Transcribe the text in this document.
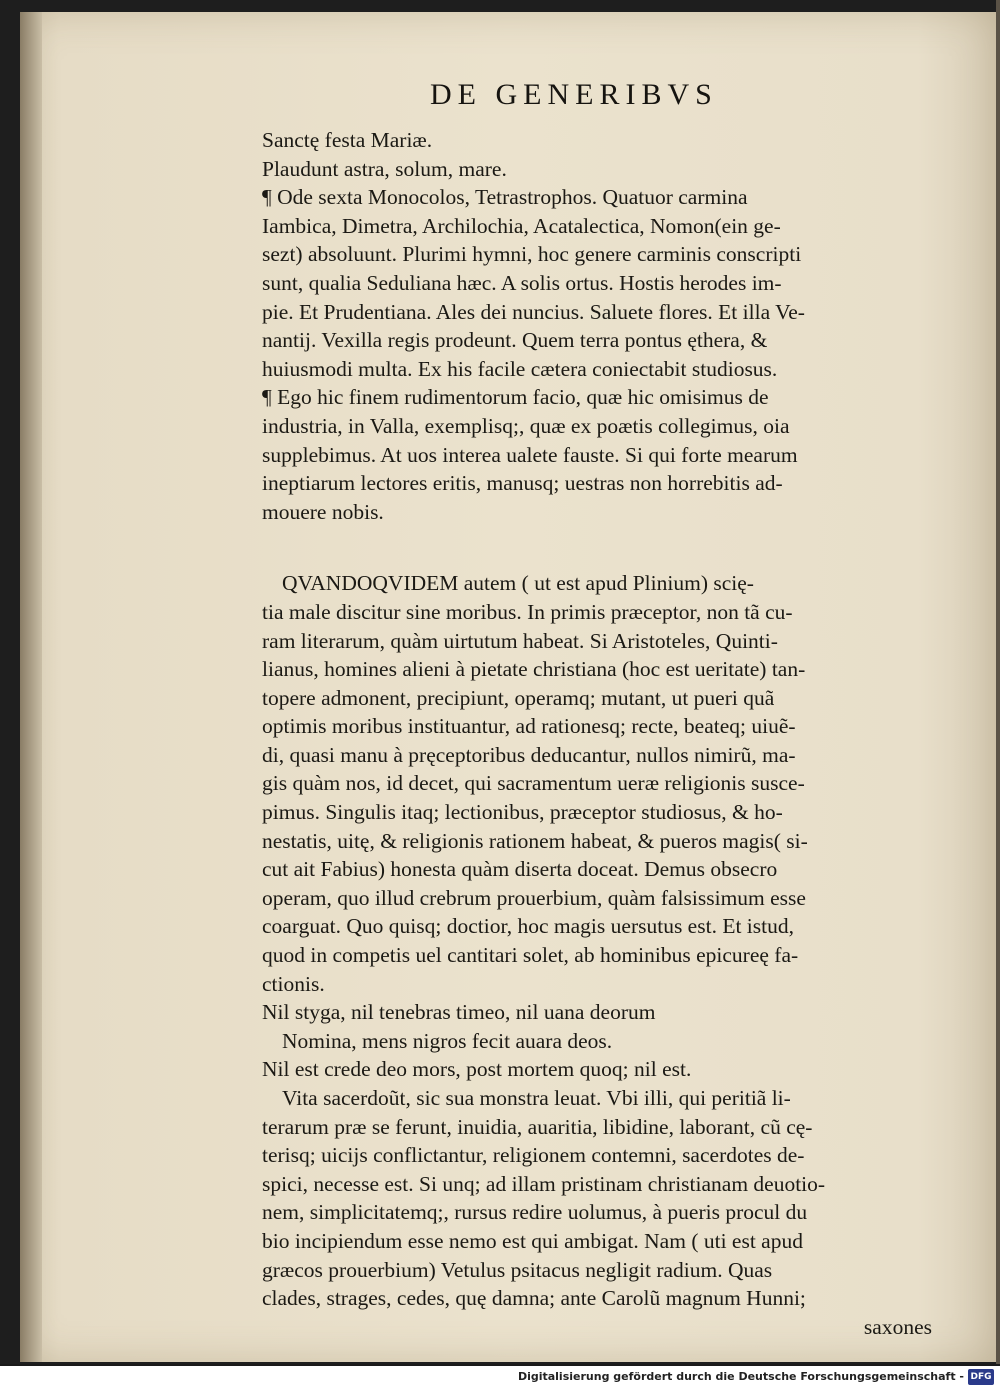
DE GENERIBVS
Sanctę festa Mariæ.
Plaudunt astra, solum, mare.
¶ Ode sexta Monocolos, Tetrastrophos. Quatuor carmina
Iambica, Dimetra, Archilochia, Acatalectica, Nomon(ein ge-
sezt) absoluunt. Plurimi hymni, hoc genere carminis conscripti
sunt, qualia Seduliana hæc. A solis ortus. Hostis herodes im-
pie. Et Prudentiana. Ales dei nuncius. Saluete flores. Et illa Ve-
nantij. Vexilla regis prodeunt. Quem terra pontus ęthera, &
huiusmodi multa. Ex his facile cætera coniectabit studiosus.
¶ Ego hic finem rudimentorum facio, quæ hic omisimus de
industria, in Valla, exemplisq;, quæ ex poætis collegimus, oia
supplebimus. At uos interea ualete fauste. Si qui forte mearum
ineptiarum lectores eritis, manusq; uestras non horrebitis ad-
mouere nobis.
QVANDOQVIDEM autem ( ut est apud Plinium) scię-
tia male discitur sine moribus. In primis præceptor, non tã cu-
ram literarum, quàm uirtutum habeat. Si Aristoteles, Quinti-
lianus, homines alieni à pietate christiana (hoc est ueritate) tan-
topere admonent, precipiunt, operamq; mutant, ut pueri quã
optimis moribus instituantur, ad rationesq; recte, beateq; uiuẽ-
di, quasi manu à pręceptoribus deducantur, nullos nimirũ, ma-
gis quàm nos, id decet, qui sacramentum ueræ religionis susce-
pimus. Singulis itaq; lectionibus, præceptor studiosus, & ho-
nestatis, uitę, & religionis rationem habeat, & pueros magis( si-
cut ait Fabius) honesta quàm diserta doceat. Demus obsecro
operam, quo illud crebrum prouerbium, quàm falsissimum esse
coarguat. Quo quisq; doctior, hoc magis uersutus est. Et istud,
quod in competis uel cantitari solet, ab hominibus epicureę fa-
ctionis.
Nil styga, nil tenebras timeo, nil uana deorum
Nomina, mens nigros fecit auara deos.
Nil est crede deo mors, post mortem quoq; nil est.
Vita sacerdoũt, sic sua monstra leuat. Vbi illi, qui peritiã li-
terarum præ se ferunt, inuidia, auaritia, libidine, laborant, cũ cę-
terisq; uicijs conflictantur, religionem contemni, sacerdotes de-
spici, necesse est. Si unq; ad illam pristinam christianam deuotio-
nem, simplicitatemq;, rursus redire uolumus, à pueris procul du
bio incipiendum esse nemo est qui ambigat. Nam ( uti est apud
græcos prouerbium) Vetulus psitacus negligit radium. Quas
clades, strages, cedes, quę damna; ante Carolũ magnum Hunni;
saxones
Digitalisierung gefördert durch die Deutsche Forschungsgemeinschaft - DFG
